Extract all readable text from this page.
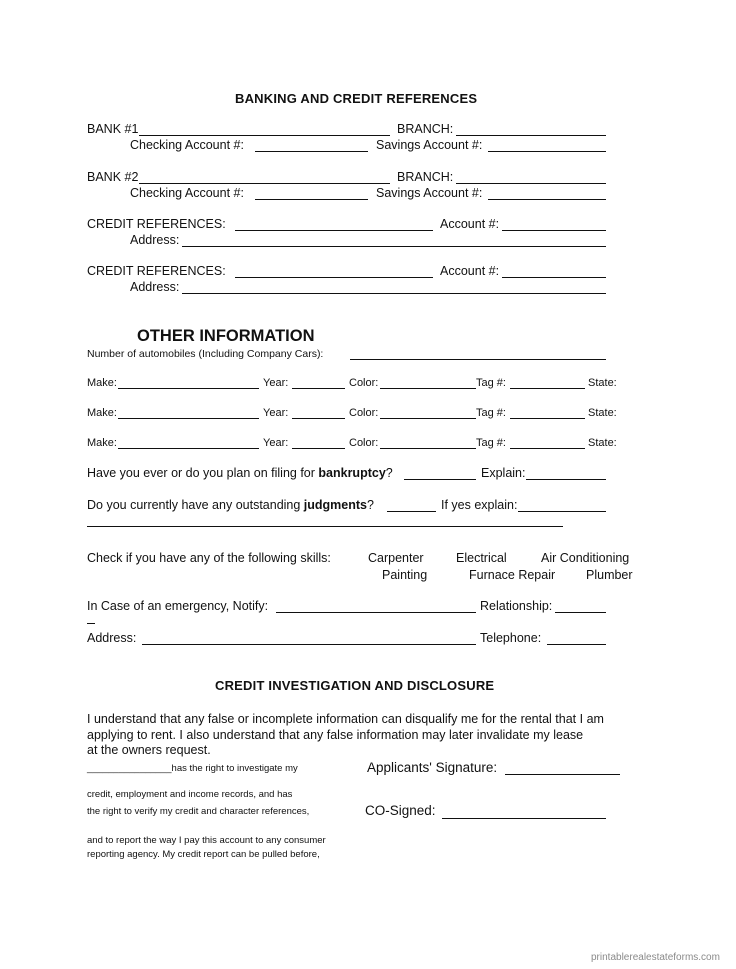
BANKING AND CREDIT REFERENCES
BANK #1	BRANCH:
Checking Account #:	Savings Account #:
BANK #2	BRANCH:
Checking Account #:	Savings Account #:
CREDIT REFERENCES:	Account #:
Address:
CREDIT REFERENCES:	Account #:
Address:
OTHER INFORMATION
Number of automobiles (Including Company Cars):
Make:	Year:	Color:	Tag #:	State:
Make:	Year:	Color:	Tag #:	State:
Make:	Year:	Color:	Tag #:	State:
Have you ever or do you plan on filing for bankruptcy?	Explain:
Do you currently have any outstanding judgments?	If yes explain:
Check if you have any of the following skills:	Carpenter	Electrical	Air Conditioning
Painting	Furnace Repair Plumber
In Case of an emergency, Notify:	Relationship:
Address:	Telephone:
CREDIT INVESTIGATION AND DISCLOSURE
I understand that any false or incomplete information can disqualify me for the rental that I am
applying to rent. I also understand that any false information may later invalidate my lease
at the owners request.
________________has the right to investigate my
credit, employment and income records, and has
the right to verify my credit and character references,
and to report the way I pay this account to any consumer
reporting agency. My credit report can be pulled before,
Applicants' Signature:
CO-Signed:
printablerealestateforms.com
